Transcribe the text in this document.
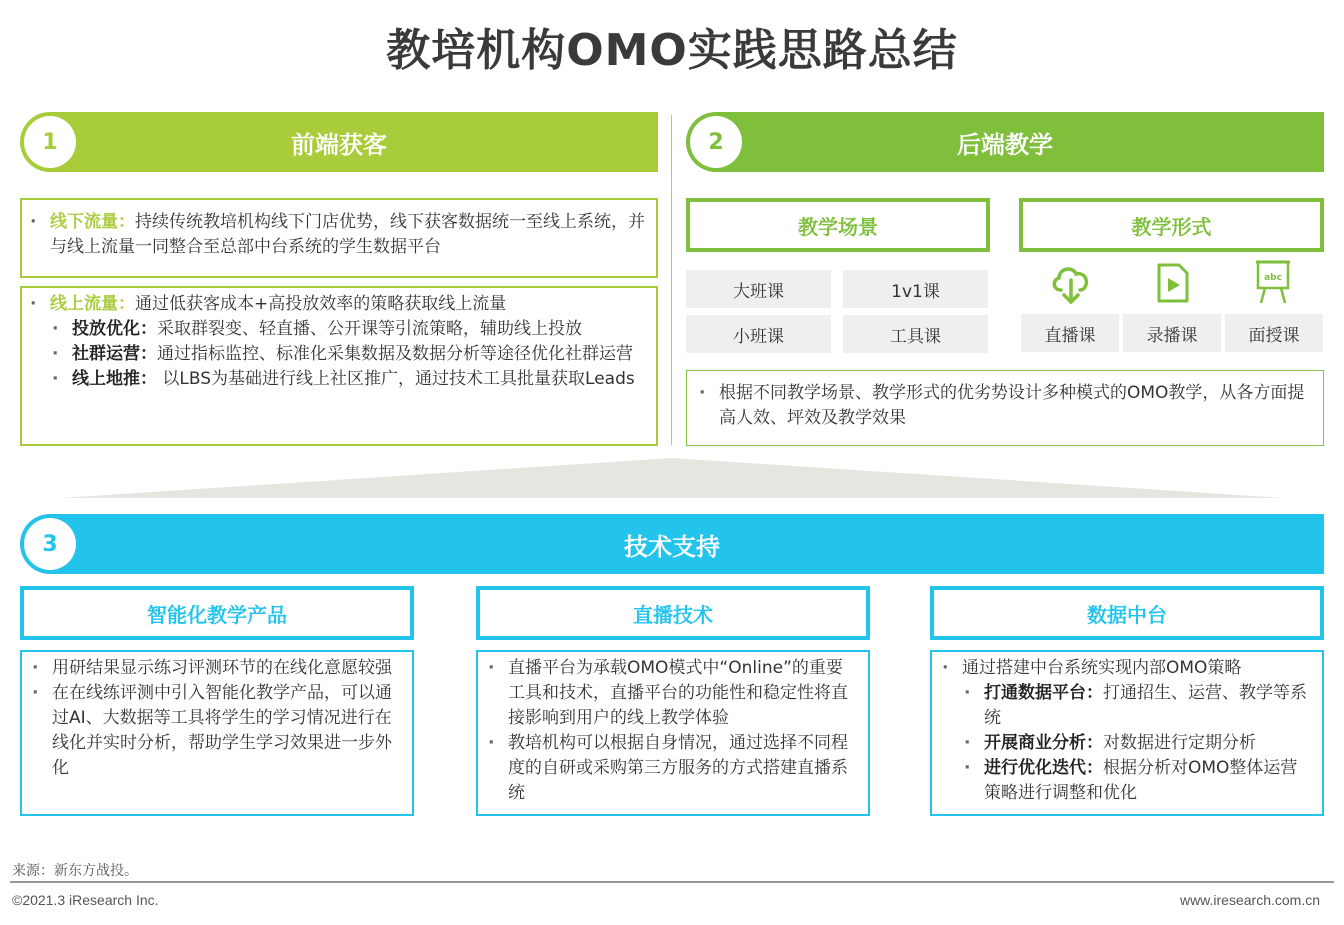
教培机构OMO实践思路总结
1	前端获客
· 线下流量：持续传统教培机构线下门店优势，线下获客数据统一至线上系统，并与线上流量一同整合至总部中台系统的学生数据平台
· 线上流量：通过低获客成本+高投放效率的策略获取线上流量
· 投放优化：采取群裂变、轻直播、公开课等引流策略，辅助线上投放
· 社群运营：通过指标监控、标准化采集数据及数据分析等途径优化社群运营
· 线上地推： 以LBS为基础进行线上社区推广，通过技术工具批量获取Leads
2	后端教学
教学场景	教学形式
大班课	1v1课
小班课	工具课
abc
直播课	录播课	面授课
· 根据不同教学场景、教学形式的优劣势设计多种模式的OMO教学，从各方面提高人效、坪效及教学效果
3	技术支持
智能化教学产品	直播技术	数据中台
· 用研结果显示练习评测环节的在线化意愿较强
· 在在线练评测中引入智能化教学产品，可以通过AI、大数据等工具将学生的学习情况进行在线化并实时分析，帮助学生学习效果进一步外化
· 直播平台为承载OMO模式中“Online”的重要工具和技术，直播平台的功能性和稳定性将直接影响到用户的线上教学体验
· 教培机构可以根据自身情况，通过选择不同程度的自研或采购第三方服务的方式搭建直播系统
· 通过搭建中台系统实现内部OMO策略
· 打通数据平台：打通招生、运营、教学等系统
· 开展商业分析：对数据进行定期分析
· 进行优化迭代：根据分析对OMO整体运营策略进行调整和优化
来源：新东方战投。
©2021.3 iResearch Inc.	www.iresearch.com.cn
